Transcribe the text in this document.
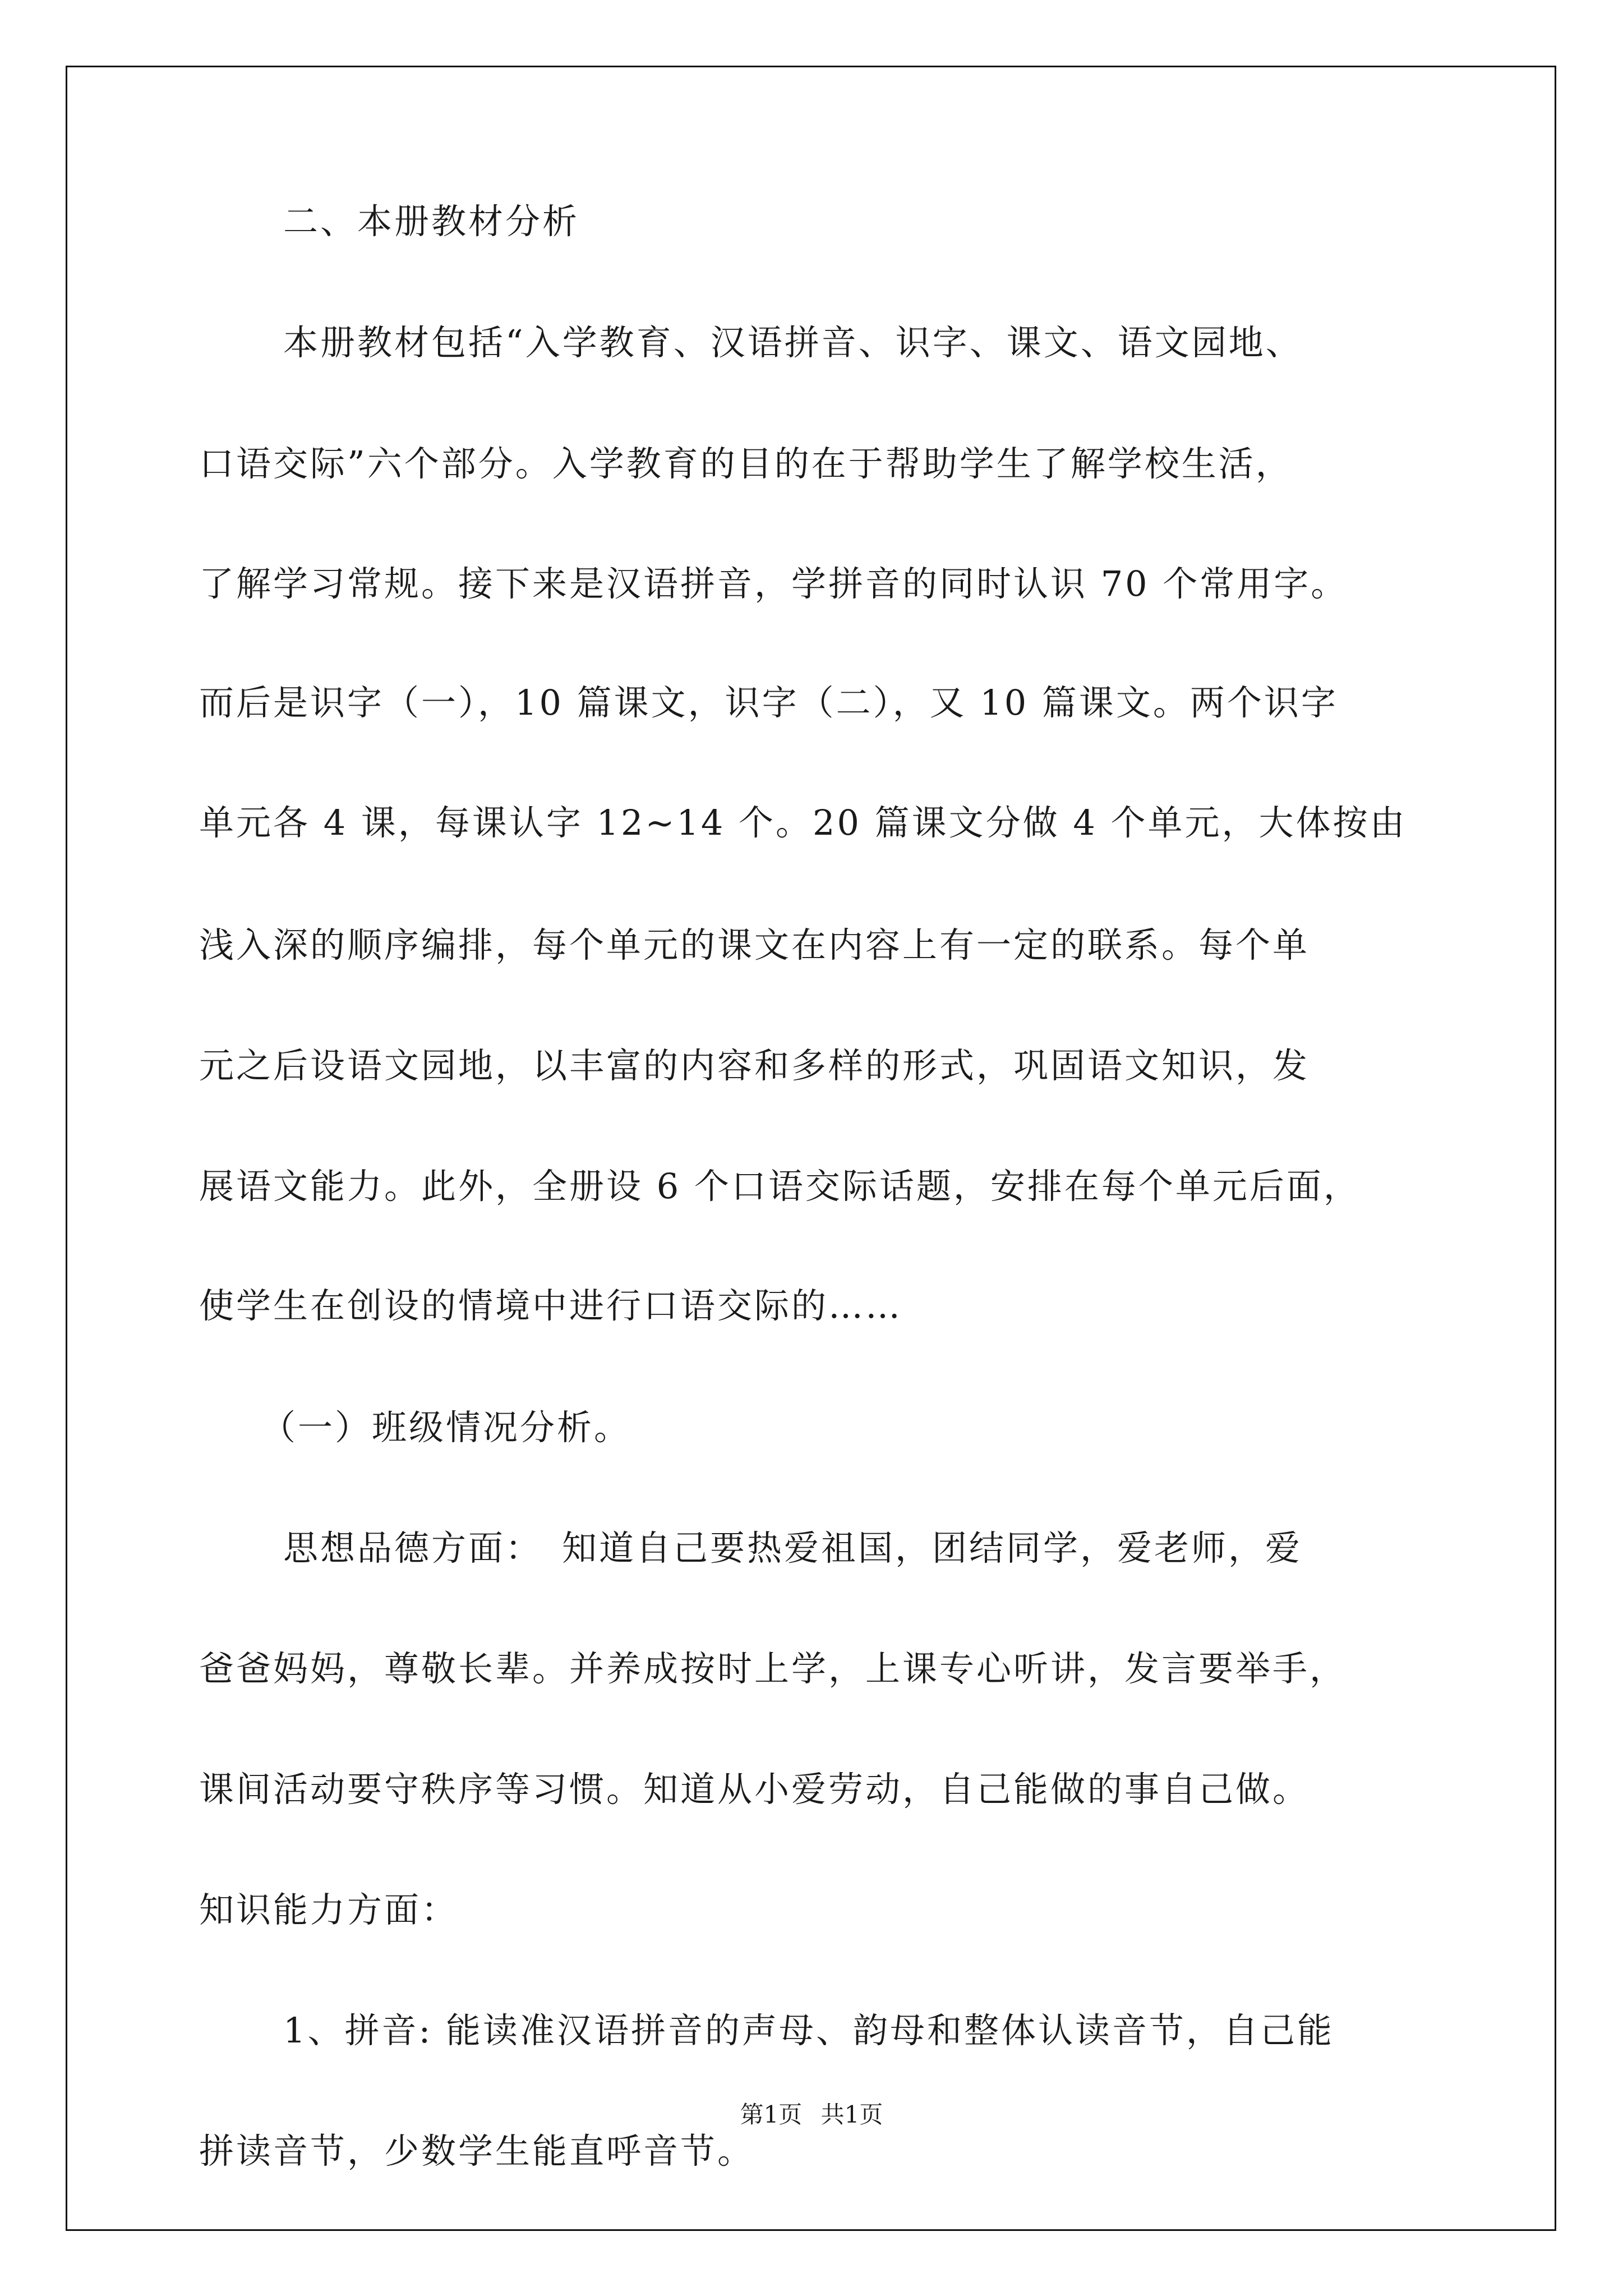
二、本册教材分析
本册教材包括“入学教育、汉语拼音、识字、课文、语文园地、
口语交际”六个部分。入学教育的目的在于帮助学生了解学校生活，
了解学习常规。接下来是汉语拼音，学拼音的同时认识 70 个常用字。
而后是识字（一），10 篇课文，识字（二），又 10 篇课文。两个识字
单元各 4 课，每课认字 12~14 个。20 篇课文分做 4 个单元，大体按由
浅入深的顺序编排，每个单元的课文在内容上有一定的联系。每个单
元之后设语文园地，以丰富的内容和多样的形式，巩固语文知识，发
展语文能力。此外，全册设 6 个口语交际话题，安排在每个单元后面，
使学生在创设的情境中进行口语交际的……
（一）班级情况分析。
思想品德方面：　知道自己要热爱祖国，团结同学，爱老师，爱
爸爸妈妈，尊敬长辈。并养成按时上学，上课专心听讲，发言要举手，
课间活动要守秩序等习惯。知道从小爱劳动，自己能做的事自己做。
知识能力方面：
1、拼音: 能读准汉语拼音的声母、韵母和整体认读音节，自己能
拼读音节，少数学生能直呼音节。
第1页 共1页
